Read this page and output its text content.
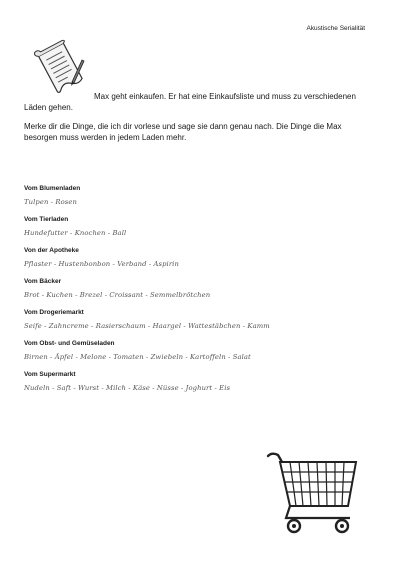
Akustische Serialität

Max geht einkaufen. Er hat eine Einkaufsliste und muss zu verschiedenen Läden gehen.

Merke dir die Dinge, die ich dir vorlese und sage sie dann genau nach. Die Dinge die Max besorgen muss werden in jedem Laden mehr.

Vom Blumenladen

Tulpen - Rosen

Vom Tierladen

Hundefutter - Knochen - Ball

Von der Apotheke

Pflaster - Hustenbonbon - Verband - Aspirin

Vom Bäcker

Brot - Kuchen - Brezel - Croissant - Semmelbrötchen

Vom Drogeriemarkt

Seife - Zahncreme - Rasierschaum - Haargel - Wattestäbchen - Kamm

Vom Obst- und Gemüseladen

Birnen - Äpfel - Melone - Tomaten - Zwiebeln - Kartoffeln - Salat

Vom Supermarkt

Nudeln - Saft - Wurst - Milch - Käse - Nüsse - Joghurt - Eis
